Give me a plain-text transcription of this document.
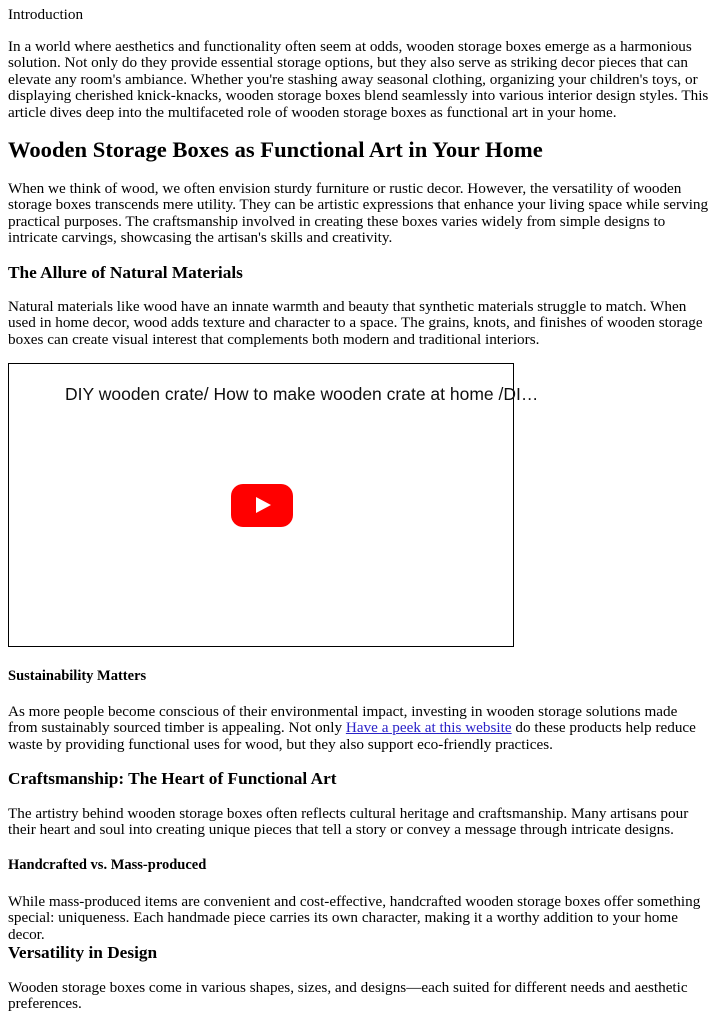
Introduction

In a world where aesthetics and functionality often seem at odds, wooden storage boxes emerge as a harmonious solution. Not only do they provide essential storage options, but they also serve as striking decor pieces that can elevate any room's ambiance. Whether you're stashing away seasonal clothing, organizing your children's toys, or displaying cherished knick-knacks, wooden storage boxes blend seamlessly into various interior design styles. This article dives deep into the multifaceted role of wooden storage boxes as functional art in your home.

Wooden Storage Boxes as Functional Art in Your Home

When we think of wood, we often envision sturdy furniture or rustic decor. However, the versatility of wooden storage boxes transcends mere utility. They can be artistic expressions that enhance your living space while serving practical purposes. The craftsmanship involved in creating these boxes varies widely from simple designs to intricate carvings, showcasing the artisan's skills and creativity.

The Allure of Natural Materials

Natural materials like wood have an innate warmth and beauty that synthetic materials struggle to match. When used in home decor, wood adds texture and character to a space. The grains, knots, and finishes of wooden storage boxes can create visual interest that complements both modern and traditional interiors.

DIY wooden crate/ How to make wooden crate at home /DI…
Sustainability Matters

As more people become conscious of their environmental impact, investing in wooden storage solutions made from sustainably sourced timber is appealing. Not only Have a peek at this website do these products help reduce waste by providing functional uses for wood, but they also support eco-friendly practices.

Craftsmanship: The Heart of Functional Art

The artistry behind wooden storage boxes often reflects cultural heritage and craftsmanship. Many artisans pour their heart and soul into creating unique pieces that tell a story or convey a message through intricate designs.

Handcrafted vs. Mass-produced

While mass-produced items are convenient and cost-effective, handcrafted wooden storage boxes offer something special: uniqueness. Each handmade piece carries its own character, making it a worthy addition to your home decor.

Versatility in Design

Wooden storage boxes come in various shapes, sizes, and designs—each suited for different needs and aesthetic preferences.
